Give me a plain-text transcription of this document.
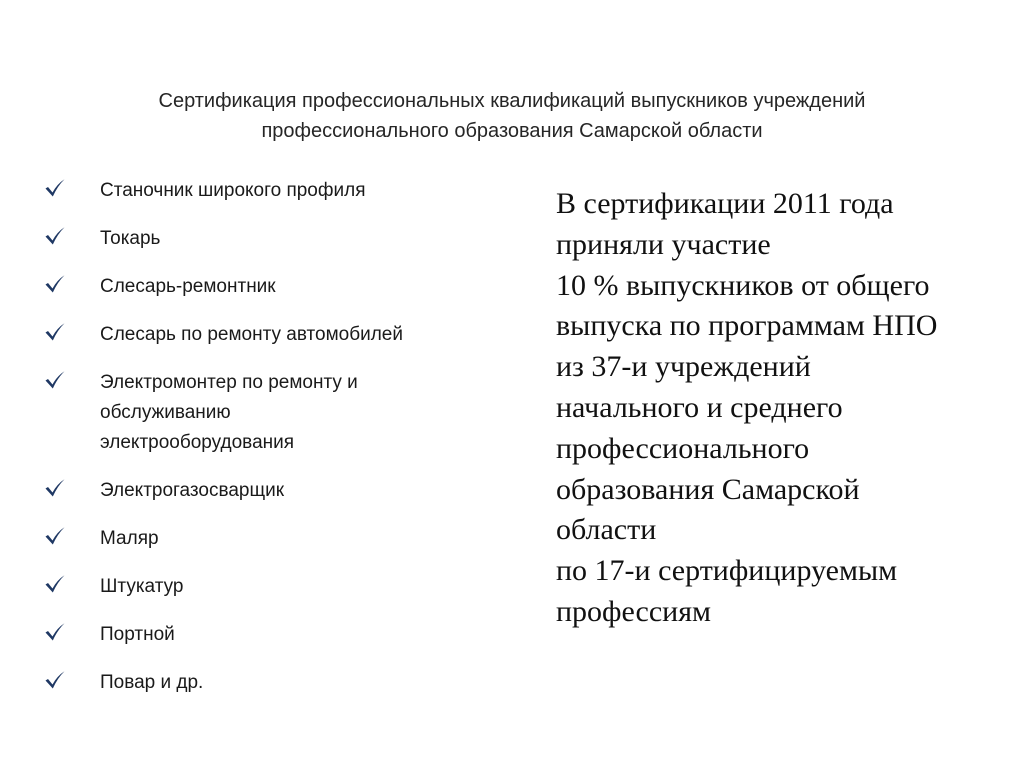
Сертификация профессиональных квалификаций выпускников учреждений
профессионального образования Самарской области
Станочник широкого профиля
Токарь
Слесарь-ремонтник
Слесарь по ремонту автомобилей
Электромонтер по ремонту и
обслуживанию
электрооборудования
Электрогазосварщик
Маляр
Штукатур
Портной
Повар и др.
В сертификации 2011 года
приняли участие
10 % выпускников от общего
выпуска по программам НПО
из 37-и учреждений
начального и среднего
профессионального
образования Самарской
области
по 17-и сертифицируемым
профессиям
